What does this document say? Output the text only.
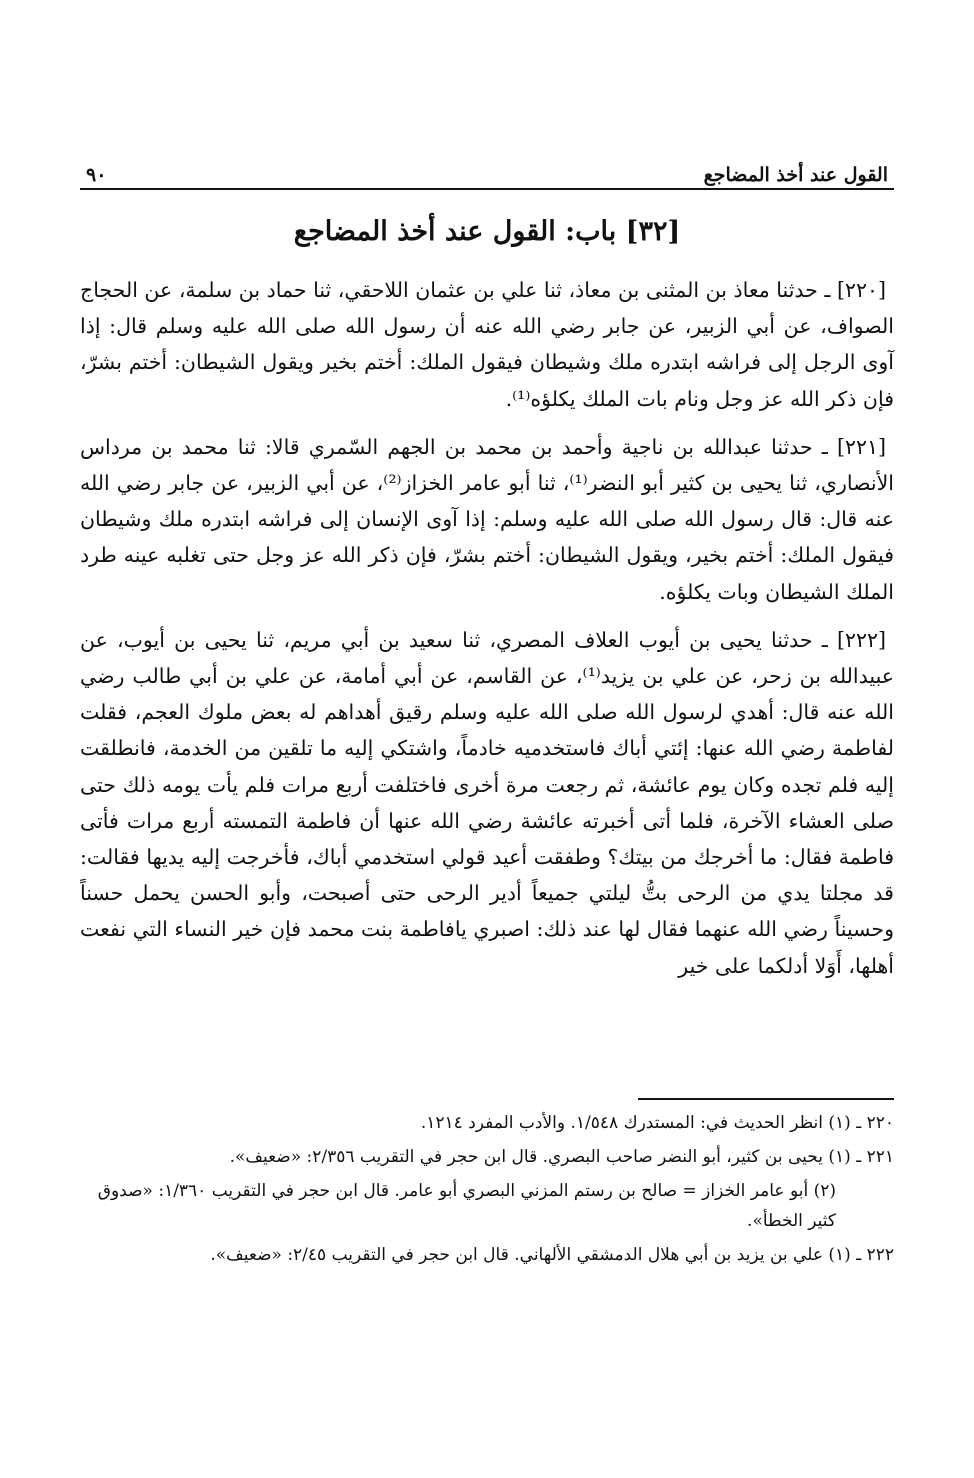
القول عند أخذ المضاجع
٩٠
[٣٢] باب: القول عند أخذ المضاجع

[٢٢٠] ـ حدثنا معاذ بن المثنى بن معاذ، ثنا علي بن عثمان اللاحقي، ثنا حماد بن سلمة، عن الحجاج الصواف، عن أبي الزبير، عن جابر رضي الله عنه أن رسول الله صلى الله عليه وسلم قال: إذا آوى الرجل إلى فراشه ابتدره ملك وشيطان فيقول الملك: أختم بخير ويقول الشيطان: أختم بشرّ، فإن ذكر الله عز وجل ونام بات الملك يكلؤه⁽¹⁾.

[٢٢١] ـ حدثنا عبدالله بن ناجية وأحمد بن محمد بن الجهم السّمري قالا: ثنا محمد بن مرداس الأنصاري، ثنا يحيى بن كثير أبو النضر⁽¹⁾، ثنا أبو عامر الخزاز⁽²⁾، عن أبي الزبير، عن جابر رضي الله عنه قال: قال رسول الله صلى الله عليه وسلم: إذا آوى الإنسان إلى فراشه ابتدره ملك وشيطان فيقول الملك: أختم بخير، ويقول الشيطان: أختم بشرّ، فإن ذكر الله عز وجل حتى تغلبه عينه طرد الملك الشيطان وبات يكلؤه.

[٢٢٢] ـ حدثنا يحيى بن أيوب العلاف المصري، ثنا سعيد بن أبي مريم، ثنا يحيى بن أيوب، عن عبيدالله بن زحر، عن علي بن يزيد⁽¹⁾، عن القاسم، عن أبي أمامة، عن علي بن أبي طالب رضي الله عنه قال: أهدي لرسول الله صلى الله عليه وسلم رقيق أهداهم له بعض ملوك العجم، فقلت لفاطمة رضي الله عنها: إئتي أباك فاستخدميه خادماً، واشتكي إليه ما تلقين من الخدمة، فانطلقت إليه فلم تجده وكان يوم عائشة، ثم رجعت مرة أخرى فاختلفت أربع مرات فلم يأت يومه ذلك حتى صلى العشاء الآخرة، فلما أتى أخبرته عائشة رضي الله عنها أن فاطمة التمسته أربع مرات فأتى فاطمة فقال: ما أخرجك من بيتك؟ وطفقت أعيد قولي استخدمي أباك، فأخرجت إليه يديها فقالت: قد مجلتا يدي من الرحى بتُّ ليلتي جميعاً أدير الرحى حتى أصبحت، وأبو الحسن يحمل حسناً وحسيناً رضي الله عنهما فقال لها عند ذلك: اصبري يافاطمة بنت محمد فإن خير النساء التي نفعت أهلها، أَوَلا أدلكما على خير

٢٢٠ ـ (١) انظر الحديث في: المستدرك ١/٥٤٨. والأدب المفرد ١٢١٤.

٢٢١ ـ (١) يحيى بن كثير، أبو النضر صاحب البصري. قال ابن حجر في التقريب ٢/٣٥٦: «ضعيف».

(٢) أبو عامر الخزاز = صالح بن رستم المزني البصري أبو عامر. قال ابن حجر في التقريب ١/٣٦٠: «صدوق كثير الخطأ».

٢٢٢ ـ (١) علي بن يزيد بن أبي هلال الدمشقي الألهاني. قال ابن حجر في التقريب ٢/٤٥: «ضعيف».
